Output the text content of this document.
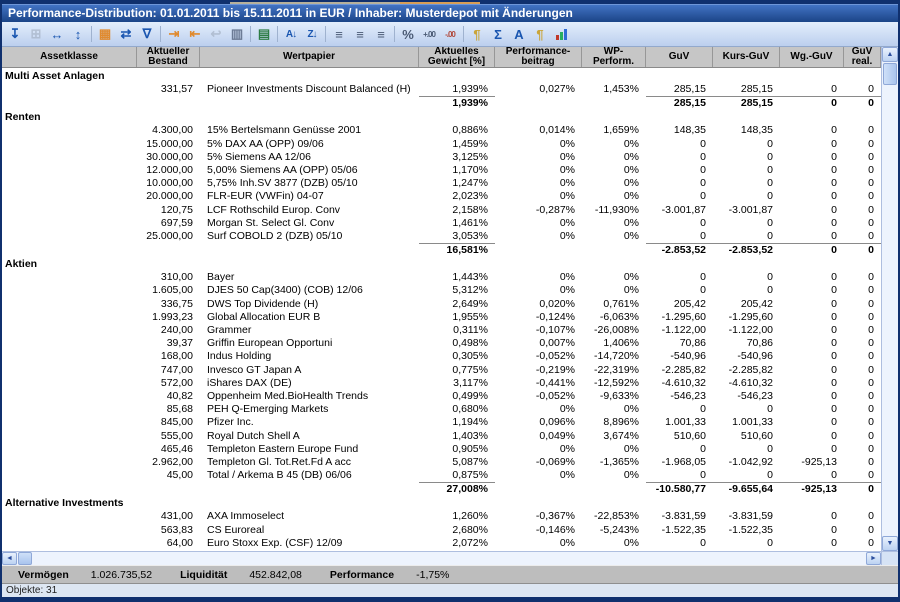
Performance-Distribution: 01.01.2011 bis 15.11.2011 in EUR / Inhaber: Musterdepot mit Änderungen
↧ ⊞ ↔ ↕	▦ ⇄ ∇	⇥ ⇤ ↩ ▥ ▤	A↓	Z↓	≡	≡	≡	%	+.00	-.00	¶	Σ A ¶
Assetklasse	Aktueller
Bestand	Wertpapier	Aktuelles
Gewicht [%]
Performance-
beitrag
WP-
Perform.	GuV	Kurs-GuV Wg.-GuV GuV
real.
Multi Asset Anlagen
331,57	Pioneer Investments Discount Balanced (H)	1,939%	0,027%	1,453%	285,15	285,15	0	0
1,939%	285,15	285,15	0	0
Renten
4.300,00	15% Bertelsmann Genüsse 2001	0,886%	0,014%	1,659%	148,35	148,35	0	0
15.000,00	5% DAX AA (OPP) 09/06	1,459%	0%	0%	0	0	0	0
30.000,00	5% Siemens AA 12/06	3,125%	0%	0%	0	0	0	0
12.000,00	5,00% Siemens AA (OPP) 05/06	1,170%	0%	0%	0	0	0	0
10.000,00	5,75% Inh.SV 3877 (DZB) 05/10	1,247%	0%	0%	0	0	0	0
20.000,00	FLR-EUR (VWFin) 04-07	2,023%	0%	0%	0	0	0	0
120,75	LCF Rothschild Europ. Conv	2,158%	-0,287%	-11,930%	-3.001,87	-3.001,87	0	0
697,59	Morgan St. Select Gl. Conv	1,461%	0%	0%	0	0	0	0
25.000,00	Surf COBOLD 2 (DZB) 05/10	3,053%	0%	0%	0	0	0	0
16,581%	-2.853,52	-2.853,52	0	0
Aktien
310,00	Bayer	1,443%	0%	0%	0	0	0	0
1.605,00	DJES 50 Cap(3400) (COB) 12/06	5,312%	0%	0%	0	0	0	0
336,75	DWS Top Dividende (H)	2,649%	0,020%	0,761%	205,42	205,42	0	0
1.993,23	Global Allocation EUR B	1,955%	-0,124%	-6,063%	-1.295,60	-1.295,60	0	0
240,00	Grammer	0,311%	-0,107%	-26,008%	-1.122,00	-1.122,00	0	0
39,37	Griffin European Opportuni	0,498%	0,007%	1,406%	70,86	70,86	0	0
168,00	Indus Holding	0,305%	-0,052%	-14,720%	-540,96	-540,96	0	0
747,00	Invesco GT Japan A	0,775%	-0,219%	-22,319%	-2.285,82	-2.285,82	0	0
572,00	iShares DAX (DE)	3,117%	-0,441%	-12,592%	-4.610,32	-4.610,32	0	0
40,82	Oppenheim Med.BioHealth Trends	0,499%	-0,052%	-9,633%	-546,23	-546,23	0	0
85,68	PEH Q-Emerging Markets	0,680%	0%	0%	0	0	0	0
845,00	Pfizer Inc.	1,194%	0,096%	8,896%	1.001,33	1.001,33	0	0
555,00	Royal Dutch Shell A	1,403%	0,049%	3,674%	510,60	510,60	0	0
465,46	Templeton Eastern Europe Fund	0,905%	0%	0%	0	0	0	0
2.962,00	Templeton Gl. Tot.Ret.Fd A acc	5,087%	-0,069%	-1,365%	-1.968,05	-1.042,92	-925,13	0
45,00	Total / Arkema B 45 (DB) 06/06	0,875%	0%	0%	0	0	0	0
27,008%	-10.580,77	-9.655,64	-925,13	0
Alternative Investments
431,00	AXA Immoselect	1,260%	-0,367%	-22,853%	-3.831,59	-3.831,59	0	0
563,83	CS Euroreal	2,680%	-0,146%	-5,243%	-1.522,35	-1.522,35	0	0
64,00	Euro Stoxx Exp. (CSF) 12/09	2,072%	0%	0%	0	0	0	0
▲
▼
◄	►
Vermögen 1.026.735,52	Liquidität 452.842,08	Performance -1,75%
Objekte: 31
